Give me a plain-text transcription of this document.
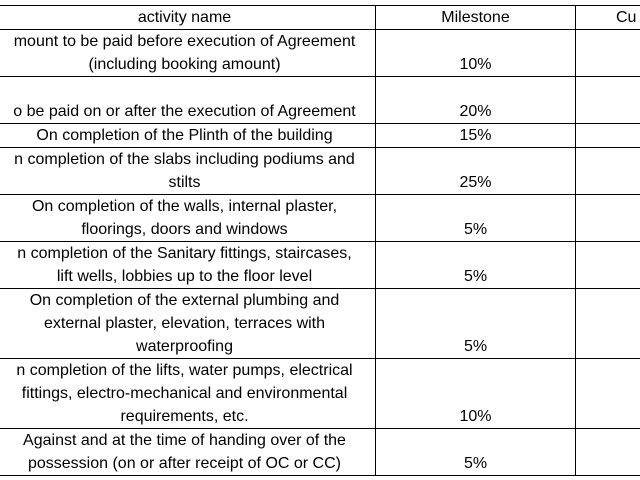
activity name	Milestone	Cu

mount to be paid before execution of Agreement
(including booking amount)	10%	

o be paid on or after the execution of Agreement	20%	

On completion of the Plinth of the building	15%	

n completion of the slabs including podiums and
stilts	25%	

On completion of the walls, internal plaster,
floorings, doors and windows	5%	

n completion of the Sanitary fittings, staircases,
lift wells, lobbies up to the floor level	5%	

On completion of the external plumbing and
external plaster, elevation, terraces with
waterproofing	5%	

n completion of the lifts, water pumps, electrical
fittings, electro-mechanical and environmental
requirements, etc.	10%	

Against and at the time of handing over of the
possession (on or after receipt of OC or CC)	5%	
